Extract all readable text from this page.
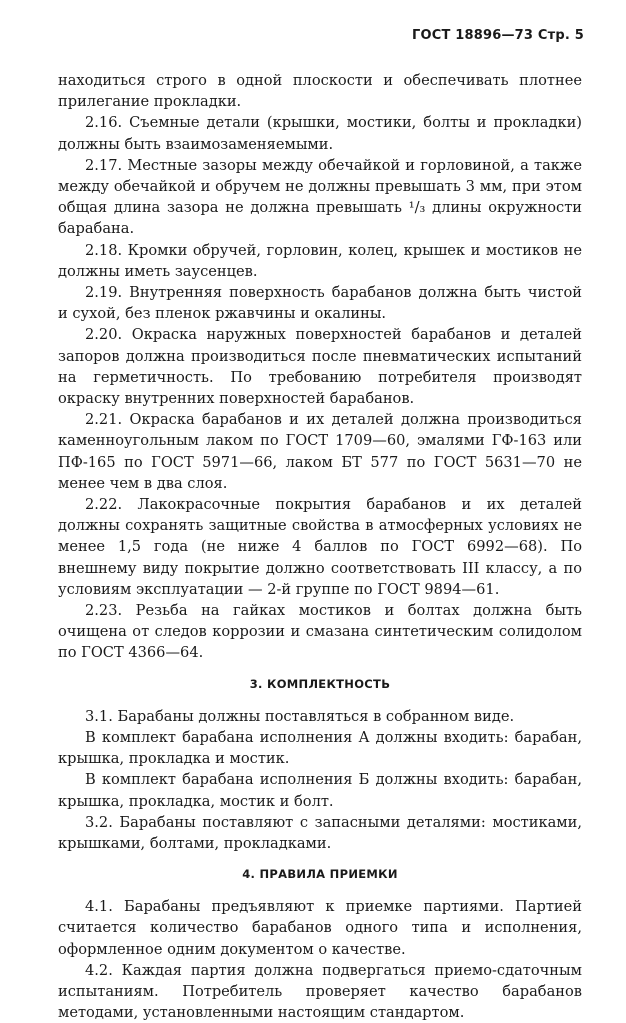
ГОСТ 18896—73 Стр. 5

находиться строго в одной плоскости и обеспечивать плотнее прилегание прокладки.

2.16. Съемные детали (крышки, мостики, болты и прокладки) должны быть взаимозаменяемыми.

2.17. Местные зазоры между обечайкой и горловиной, а также между обечайкой и обручем не должны превышать 3 мм, при этом общая длина зазора не должна превышать ¹/₃ длины окружности барабана.

2.18. Кромки обручей, горловин, колец, крышек и мостиков не должны иметь заусенцев.

2.19. Внутренняя поверхность барабанов должна быть чистой и сухой, без пленок ржавчины и окалины.

2.20. Окраска наружных поверхностей барабанов и деталей запоров должна производиться после пневматических испытаний на герметичность. По требованию потребителя производят окраску внутренних поверхностей барабанов.

2.21. Окраска барабанов и их деталей должна производиться каменноугольным лаком по ГОСТ 1709—60, эмалями ГФ-163 или ПФ-165 по ГОСТ 5971—66, лаком БТ 577 по ГОСТ 5631—70 не менее чем в два слоя.

2.22. Лакокрасочные покрытия барабанов и их деталей должны сохранять защитные свойства в атмосферных условиях не менее 1,5 года (не ниже 4 баллов по ГОСТ 6992—68). По внешнему виду покрытие должно соответствовать III классу, а по условиям эксплуатации — 2-й группе по ГОСТ 9894—61.

2.23. Резьба на гайках мостиков и болтах должна быть очищена от следов коррозии и смазана синтетическим солидолом по ГОСТ 4366—64.

3. КОМПЛЕКТНОСТЬ

3.1. Барабаны должны поставляться в собранном виде.

В комплект барабана исполнения А должны входить: барабан, крышка, прокладка и мостик.

В комплект барабана исполнения Б должны входить: барабан, крышка, прокладка, мостик и болт.

3.2. Барабаны поставляют с запасными деталями: мостиками, крышками, болтами, прокладками.

4. ПРАВИЛА ПРИЕМКИ

4.1. Барабаны предъявляют к приемке партиями. Партией считается количество барабанов одного типа и исполнения, оформленное одним документом о качестве.

4.2. Каждая партия должна подвергаться приемо-сдаточным испытаниям. Потребитель проверяет качество барабанов методами, установленными настоящим стандартом.
